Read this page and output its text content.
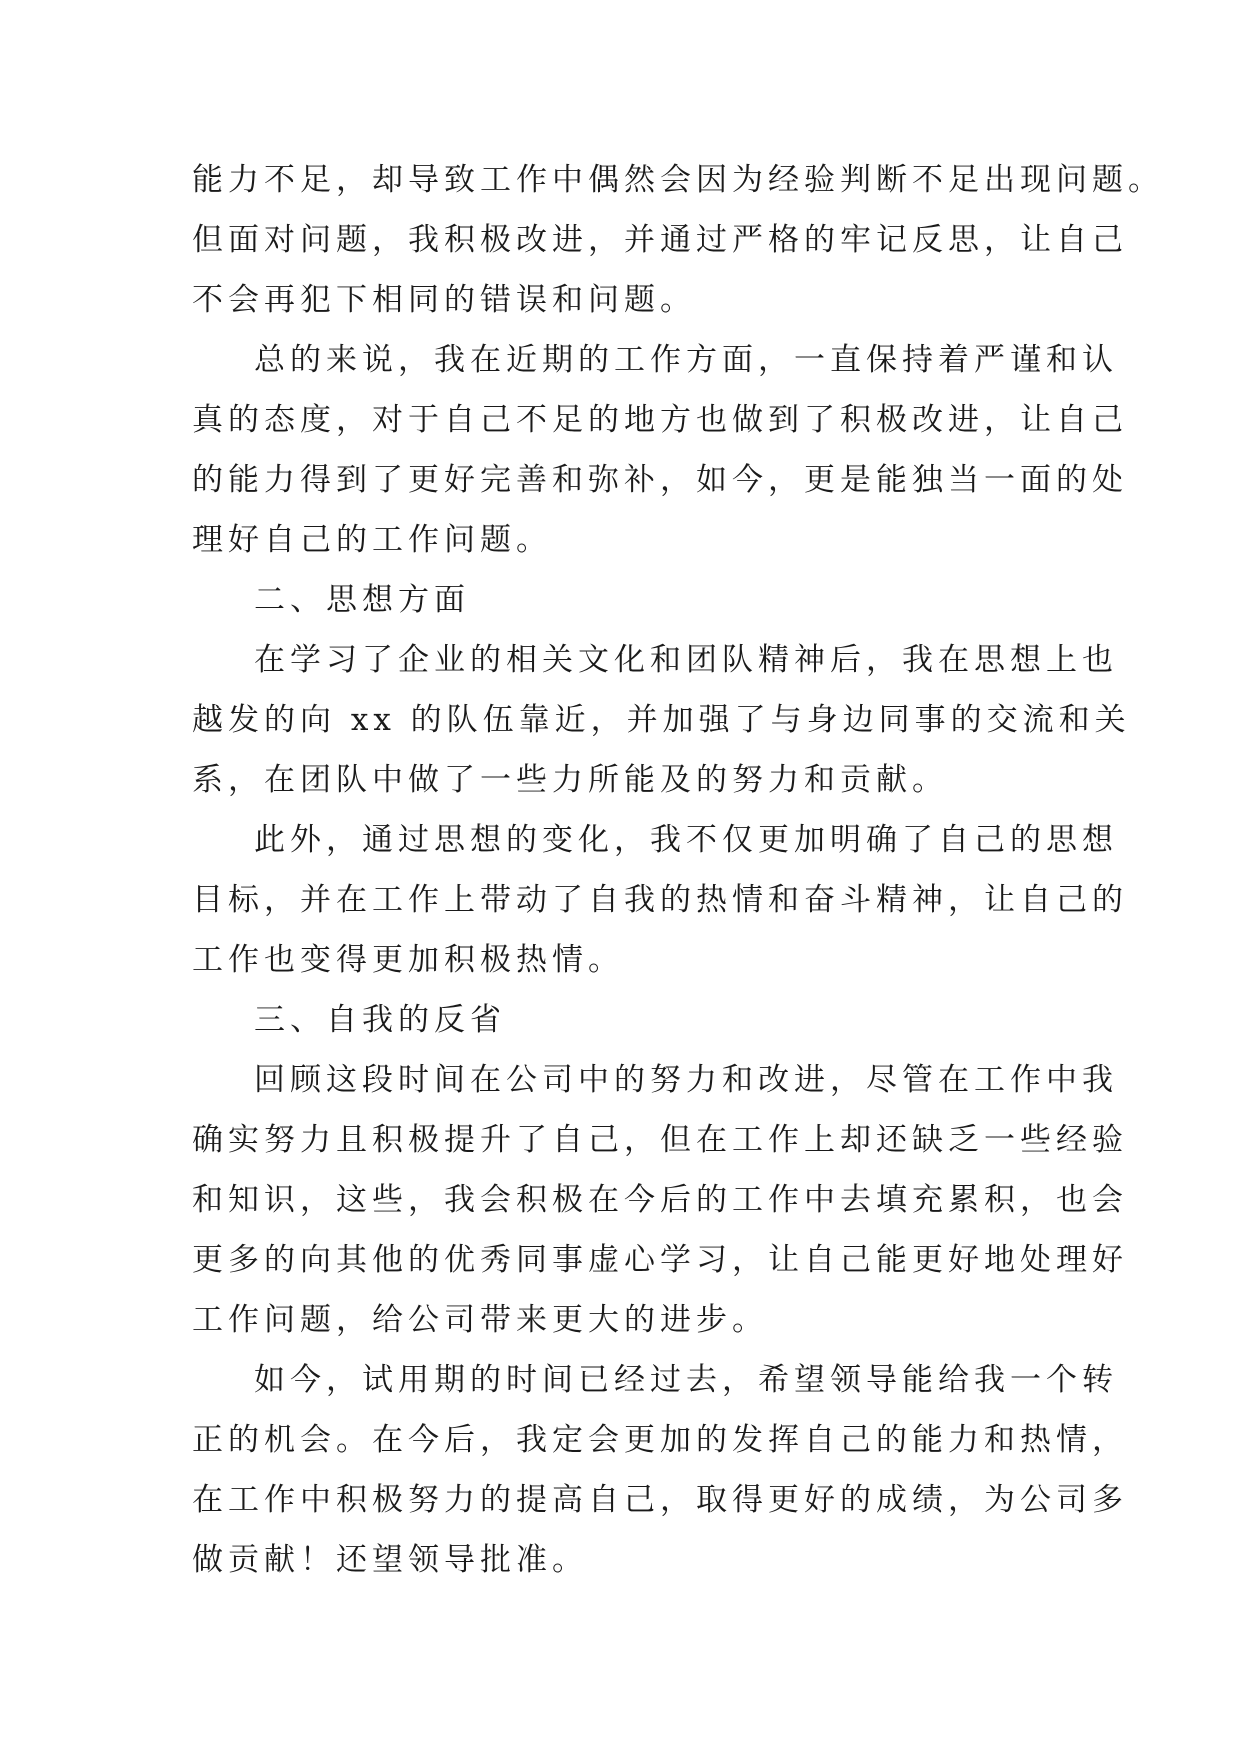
能力不足，却导致工作中偶然会因为经验判断不足出现问题。
但面对问题，我积极改进，并通过严格的牢记反思，让自己
不会再犯下相同的错误和问题。
总的来说，我在近期的工作方面，一直保持着严谨和认
真的态度，对于自己不足的地方也做到了积极改进，让自己
的能力得到了更好完善和弥补，如今，更是能独当一面的处
理好自己的工作问题。
二、思想方面
在学习了企业的相关文化和团队精神后，我在思想上也
越发的向 xx 的队伍靠近，并加强了与身边同事的交流和关
系，在团队中做了一些力所能及的努力和贡献。
此外，通过思想的变化，我不仅更加明确了自己的思想
目标，并在工作上带动了自我的热情和奋斗精神，让自己的
工作也变得更加积极热情。
三、自我的反省
回顾这段时间在公司中的努力和改进，尽管在工作中我
确实努力且积极提升了自己，但在工作上却还缺乏一些经验
和知识，这些，我会积极在今后的工作中去填充累积，也会
更多的向其他的优秀同事虚心学习，让自己能更好地处理好
工作问题，给公司带来更大的进步。
如今，试用期的时间已经过去，希望领导能给我一个转
正的机会。在今后，我定会更加的发挥自己的能力和热情，
在工作中积极努力的提高自己，取得更好的成绩，为公司多
做贡献！还望领导批准。
